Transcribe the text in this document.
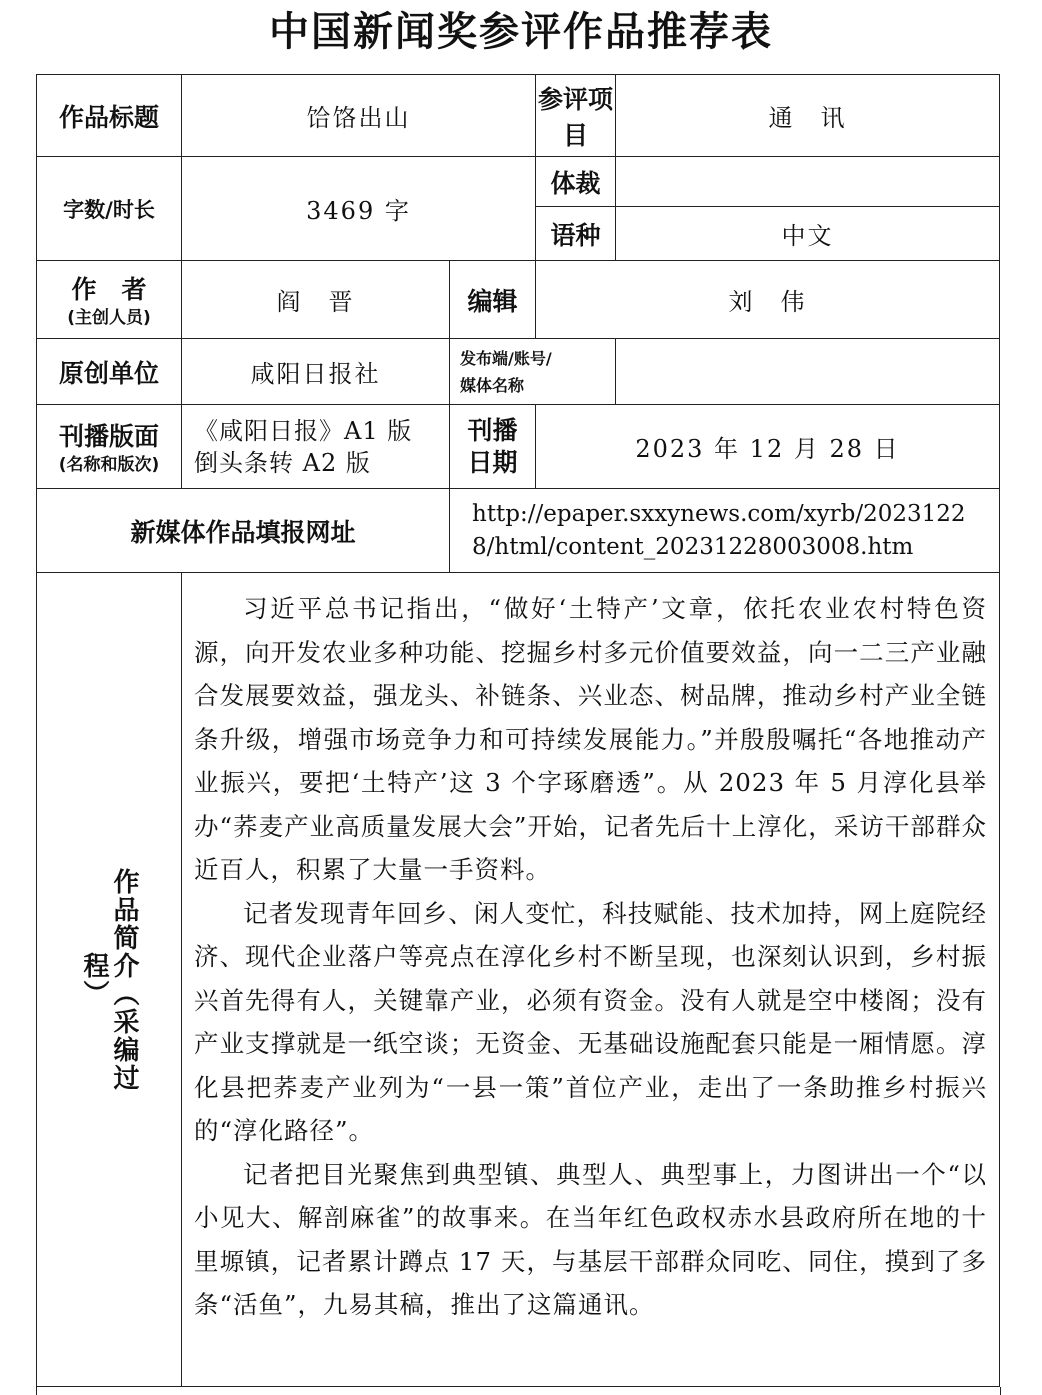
中国新闻奖参评作品推荐表
作品标题	饸饹出山		参评项目	通　讯
字数/时长	3469 字		体裁	
			语种	中文
作　者
(主创人员)	阎　晋	编辑	刘　伟	
原创单位	咸阳日报社	发布端/账号/
媒体名称		
刊播版面
(名称和版次)	《咸阳日报》A1 版倒头条转 A2 版	刊播
日期	2023 年 12 月 28 日	
新媒体作品填报网址		http://epaper.sxxynews.com/xyrb/20231228/html/content_20231228003008.htm		

作品简介（采编过程）	习近平总书记指出，“做好‘土特产’文章，依托农业农村特色资源，向开发农业多种功能、挖掘乡村多元价值要效益，向一二三产业融合发展要效益，强龙头、补链条、兴业态、树品牌，推动乡村产业全链条升级，增强市场竞争力和可持续发展能力。”并殷殷嘱托“各地推动产业振兴，要把‘土特产’这 3 个字琢磨透”。从 2023 年 5 月淳化县举办“荞麦产业高质量发展大会”开始，记者先后十上淳化，采访干部群众近百人，积累了大量一手资料。

记者发现青年回乡、闲人变忙，科技赋能、技术加持，网上庭院经济、现代企业落户等亮点在淳化乡村不断呈现，也深刻认识到，乡村振兴首先得有人，关键靠产业，必须有资金。没有人就是空中楼阁；没有产业支撑就是一纸空谈；无资金、无基础设施配套只能是一厢情愿。淳化县把荞麦产业列为“一县一策”首位产业，走出了一条助推乡村振兴的“淳化路径”。

记者把目光聚焦到典型镇、典型人、典型事上，力图讲出一个“以小见大、解剖麻雀”的故事来。在当年红色政权赤水县政府所在地的十里塬镇，记者累计蹲点 17 天，与基层干部群众同吃、同住，摸到了多条“活鱼”，九易其稿，推出了这篇通讯。			
